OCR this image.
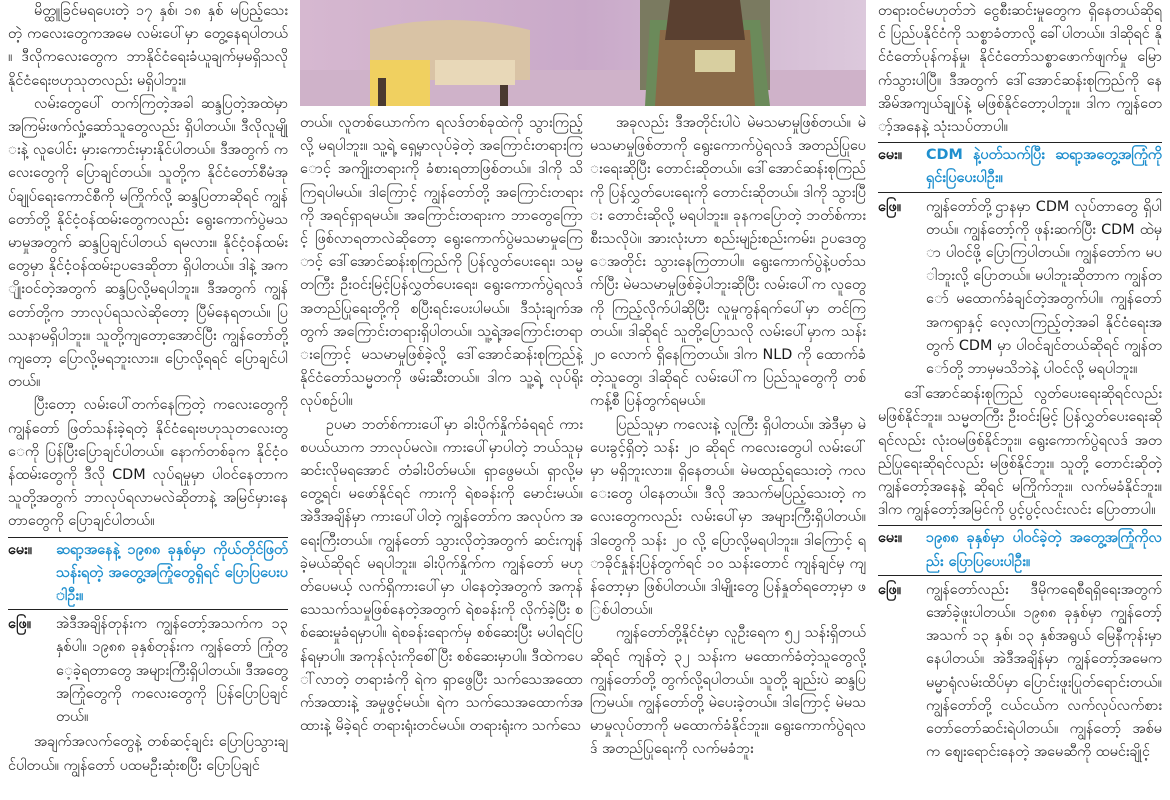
မိတ္ထူခြင်မရပေးတဲ့ ၁၇ နှစ်၊ ၁၈ နှစ် မပြည့်သေးတဲ့ ကလေးတွေကအမေ လမ်းပေါ်မှာ တွေ့နေရပါတယ်။ ဒီလိုကလေးတွေက ဘာနိုင်ငံရေးခံယူချက်မှမရှိသလို နိုင်ငံရေးဗဟုသုတလည်း မရှိပါဘူး။

လမ်းတွေပေါ် တက်ကြတဲ့အခါ ဆန္ဒပြတဲ့အထဲမှာ အကြမ်းဖက်လှုံ့ဆော်သူတွေလည်း ရှိပါတယ်။ ဒီလိုလူမျိုးနဲ့ လူပေါင်း မှားကောင်းမှားနိုင်ပါတယ်။ ဒီအတွက် ကလေးတွေကို ပြောချင်တယ်။ သူတို့က နိုင်ငံတော်စီမံအုပ်ချုပ်ရေးကောင်စီကို မကြိုက်လို့ ဆန္ဒပြတာဆိုရင် ကျွန်တော်တို့ နိုင်ငံ့ဝန်ထမ်းတွေကလည်း ရွေးကောက်ပွဲမသမာမှုအတွက် ဆန္ဒပြချင်ပါတယ် ရမလား။ နိုင်ငံ့ဝန်ထမ်းတွေမှာ နိုင်ငံ့ဝန်ထမ်းဥပဒေဆိုတာ ရှိပါတယ်။ ဒါနဲ့ အကျိုးဝင်တဲ့အတွက် ဆန္ဒပြလို့မရပါဘူး။ ဒီအတွက် ကျွန်တော်တို့က ဘာလုပ်ရသလဲဆိုတော့ ပြီမ်နေရတယ်။ ပြဿနာမရှိပါဘူး။ သူတို့ကျတော့အောင်ပြီး ကျွန်တော်တို့ကျတော့ ပြောလို့မရဘူးလား။ ပြောလို့ရရင် ပြောချင်ပါတယ်။

ပြီးတော့ လမ်းပေါ်တက်နေကြတဲ့ ကလေးတွေကို ကျွန်တော် ဖြတ်သန်းခဲ့ရတဲ့ နိုင်ငံရေးဗဟုသုတလေးတွေကို ပြန်ပြီးပြောချင်ပါတယ်။ နောက်တစ်ခုက နိုင်ငံ့ဝန်ထမ်းတွေကို ဒီလို CDM လုပ်ရမှုမှာ ပါဝင်နေတာက သူတို့အတွက် ဘာလုပ်ရလာမလဲဆိုတာနဲ့ အမြင်မှားနေတာတွေကို ပြောချင်ပါတယ်။

မေး။	ဆရာ့အနေနဲ့ ၁၉၈၈ ခုနှစ်မှာ ကိုယ်တိုင်ဖြတ်သန်းရတဲ့ အတွေ့အကြုံတွေရှိရင် ပြောပြပေးပါဦး။
ဖြေ။	အဲဒီအချိန်တုန်းက ကျွန်တော့်အသက်က ၁၃ နှစ်ပါ။ ၁၉၈၈ ခုနှစ်တုန်းက ကျွန်တော် ကြုံတွေ့ခဲ့ရတာတွေ အများကြီးရှိပါတယ်။ ဒီအတွေ့အကြုံတွေကို ကလေးတွေကို ပြန်ပြောပြချင်တယ်။

အချက်အလက်တွေနဲ့ တစ်ဆင့်ချင်း ပြောပြသွားချင်ပါတယ်။ ကျွန်တော် ပထမဦးဆုံးစပြီး ပြောပြချင်

တယ်။ လူတစ်ယောက်က ရလဒ်တစ်ခုထဲကို သွားကြည့်လို့ မရပါဘူး။ သူ့ရဲ့ ရှေ့မှာလုပ်ခဲ့တဲ့ အကြောင်းတရားကြောင့် အကျိုးတရားကို ခံစားရတာဖြစ်တယ်။ ဒါကို သိကြရပါမယ်။ ဒါကြောင့် ကျွန်တော်တို့ အကြောင်းတရားကို အရင်ရှာရမယ်။ အကြောင်းတရားက ဘာတွေကြောင့် ဖြစ်လာရတာလဲဆိုတော့ ရွေးကောက်ပွဲမသမာမှုကြောင့် ဒေါ်အောင်ဆန်းစုကြည်ကို ပြန်လွတ်ပေးရေး၊ သမ္မတကြီး ဦးဝင်းမြင့်ပြန်လွှတ်ပေးရေး၊ ရွေးကောက်ပွဲရလဒ်အတည်ပြုရေးတို့ကို စပြီးရင်းပေးပါမယ်။ ဒီသုံးချက်အတွက် အကြောင်းတရားရှိပါတယ်။ သူ့ရဲ့အကြောင်းတရားကြောင့် မသမာမှုဖြစ်ခဲ့လို့ ဒေါ်အောင်ဆန်းစုကြည်နဲ့ နိုင်ငံတော်သမ္မတကို ဖမ်းဆီးတယ်။ ဒါက သူ့ရဲ့ လုပ်ရိုးလုပ်စဉ်ပါ။

ဥပမာ ဘတ်စ်ကားပေါ်မှာ ခါးပိုက်နှိုက်ခံရရင် ကားစပယ်ယာက ဘာလုပ်မလဲ။ ကားပေါ်မှာပါတဲ့ ဘယ်သူမှ ဆင်းလိုမရအောင် တံခါးပိတ်မယ်။ ရှာဖွေမယ်၊ ရှာလို့မတွေ့ရင်၊ မဖော်နိုင်ရင် ကားကို ရဲစခန်းကို မောင်းမယ်။ အဲဒီအချိန်မှာ ကားပေါ်ပါတဲ့ ကျွန်တော်က အလုပ်က အရေးကြီးတယ်။ ကျွန်တော် သွားလိုတဲ့အတွက် ဆင်းကျန်ခဲ့မယ်ဆိုရင် မရပါဘူး။ ခါးပိုက်နှိုက်က ကျွန်တော် မဟုတ်ပေမယ့် လက်ရှိကားပေါ်မှာ ပါနေတဲ့အတွက် အကုန်သေသက်သမှုဖြစ်နေတဲ့အတွက် ရဲစခန်းကို လိုက်ခဲ့ပြီး စစ်ဆေးမှုခံရမှာပါ။ ရဲစခန်းရောက်မှ စစ်ဆေးပြီး မပါရင်ပြန်ရမှာပါ။ အကုန်လုံးကိုစေါ်ပြီး စစ်ဆေးမှာပါ။ ဒီထဲကပေါ်လာတဲ့ တရားခံကို ရဲက ရှာဖွေပြီး သက်သေအထောက်အထားနဲ့ အမှုဖွင့်မယ်။ ရဲက သက်သေအထောက်အထားနဲ့ မိခဲ့ရင် တရားရုံးတင်မယ်။ တရားရုံးက သက်သေ

အခုလည်း ဒီအတိုင်းပါပဲ မဲမသမာမှုဖြစ်တယ်။ မဲမသမာမှုဖြစ်တာကို ရွေးကောက်ပွဲရလဒ် အတည်ပြုပေးရေးဆိုပြီး တောင်းဆိုတယ်။ ဒေါ်အောင်ဆန်းစုကြည်ကို ပြန်လွှတ်ပေးရေးကို တောင်းဆိုတယ်။ ဒါကို သွားပြီး တောင်းဆိုလို့ မရပါဘူး။ ခုနကပြောတဲ့ ဘတ်စ်ကား စီးသလိုပဲ။ အားလုံးဟာ စည်းမျဉ်းစည်းကမ်း၊ ဥပဒေတွေအတိုင်း သွားနေကြတာပါ။ ရွေးကောက်ပွဲနဲ့ပတ်သက်ပြီး မဲမသမာမှုဖြစ်ခဲ့ပါဘူးဆိုပြီး လမ်းပေါ်က လူတွေကို ကြည့်လိုက်ပါဆိုပြီး လူမှုကွန်ရက်ပေါ်မှာ တင်ကြတယ်။ ဒါဆိုရင် သူတို့ပြောသလို လမ်းပေါ်မှာက သန်း ၂၀ လောက် ရှိနေကြတယ်။ ဒါက NLD ကို ထောက်ခံတဲ့သူတွေ၊ ဒါဆိုရင် လမ်းပေါ်က ပြည်သူတွေကို တစ်ကန့်စီ ပြန်တွက်ရမယ်။

ပြည်သူမှာ ကလေးနဲ့ လူကြီး ရှိပါတယ်။ အဲဒီမှာ မဲပေးခွင့်ရှိတဲ့ သန်း ၂၀ ဆိုရင် ကလေးတွေပါ လမ်းပေါ်မှာ မရှိဘူးလား။ ရှိနေတယ်။ မဲမထည့်ရသေးတဲ့ ကလေးတွေ ပါနေတယ်။ ဒီလို အသက်မပြည့်သေးတဲ့ ကလေးတွေကလည်း လမ်းပေါ်မှာ အများကြီးရှိပါတယ်။ ဒါတွေကို သန်း ၂၀ လို့ ပြောလို့မရပါဘူး။ ဒါကြောင့် ရာခိုင်နှုန်းပြန်တွက်ရင် ၁၀ သန်းတောင် ကျန်ချင်မှ ကျန်တော့မှာ ဖြစ်ပါတယ်။ ဒါမျိုးတွေ ပြန်နှုတ်ရတော့မှာ ဖြစ်ပါတယ်။

ကျွန်တော်တို့နိုင်ငံမှာ လူဦးရေက ၅၂ သန်းရှိတယ်ဆိုရင် ကျန်တဲ့ ၃၂ သန်းက မထောက်ခံတဲ့သူတွေလို့ ကျွန်တော်တို့ တွက်လို့ရပါတယ်။ သူတို့ ချည်းပဲ ဆန္ဒပြကြမယ်။ ကျွန်တော်တို့ မဲပေးခဲ့တယ်။ ဒါကြောင့် မဲမသမာမှုလုပ်တာကို မထောက်ခံနိုင်ဘူး။ ရွေးကောက်ပွဲရလဒ် အတည်ပြုရေးကို လက်မခံဘူး

တရားဝင်မဟုတ်ဘဲ ငွေစီးဆင်းမှုတွေက ရှိနေတယ်ဆိုရင် ပြည်ပနိုင်ငံကို သစ္စာခံတာလို့ ခေါ်ပါတယ်။ ဒါဆိုရင် နိုင်ငံတော်ပုန်ကန်မှု၊ နိုင်ငံတော်သစ္စာဖောက်ဖျက်မှု မြောက်သွားပါပြီ။ ဒီအတွက် ဒေါ်အောင်ဆန်းစုကြည်ကို နေအိမ်အကျယ်ချုပ်နဲ့ မဖြစ်နိုင်တော့ပါဘူး။ ဒါက ကျွန်တော့်အနေနဲ့ သုံးသပ်တာပါ။

မေး။	CDM နဲ့ပတ်သက်ပြီး ဆရာ့အတွေ့အကြုံကို ရှင်းပြပေးပါဦး။
ဖြေ။	ကျွန်တော်တို့ဌာနမှာ CDM လုပ်တာတွေ ရှိပါတယ်။ ကျွန်တော့်ကို ဖုန်းဆက်ပြီး CDM ထဲမှာ ပါဝင်ဖို့ ပြောကြပါတယ်။ ကျွန်တော်က မပါဘူးလို့ ပြောတယ်။ မပါဘူးဆိုတာက ကျွန်တော် မထောက်ခံချင်တဲ့အတွက်ပါ။ ကျွန်တော် အကၡာနှင့် လေ့လာကြည့်တဲ့အခါ နိုင်ငံရေးအတွက် CDM မှာ ပါဝင်ချင်တယ်ဆိုရင် ကျွန်တော်တို့ ဘာမှမသိဘဲနဲ့ ပါဝင်လို့ မရပါဘူး။

ဒေါ်အောင်ဆန်းစုကြည် လွတ်ပေးရေးဆိုရင်လည်း မဖြစ်နိုင်ဘူး။ သမ္မတကြီး ဦးဝင်းမြင့် ပြန်လွှတ်ပေးရေးဆိုရင်လည်း လုံးဝမဖြစ်နိုင်ဘူး။ ရွေးကောက်ပွဲရလဒ် အတည်ပြုရေးဆိုရင်လည်း မဖြစ်နိုင်ဘူး။ သူတို့ တောင်းဆိုတဲ့ ကျွန်တော့်အနေနဲ့ ဆိုရင် မကြိုက်ဘူး။ လက်မခံနိုင်ဘူး။ ဒါက ကျွန်တော့်အမြင်ကို ပွင့်ပွင့်လင်းလင်း ပြောတာပါ။

မေး။	၁၉၈၈ ခုနှစ်မှာ ပါဝင်ခဲ့တဲ့ အတွေ့အကြုံကိုလည်း ပြောပြပေးပါဦး။
ဖြေ။	ကျွန်တော်လည်း ဒီမိုကရေစီရရှိရေးအတွက် အော်ခဲ့ဖူးပါတယ်။ ၁၉၈၈ ခုနှစ်မှာ ကျွန်တော့်အသက် ၁၃ နှစ်၊ ၁၃ နှစ်အရွယ် မြေနီကုန်းမှာ နေပါတယ်။ အဲဒီအချိန်မှာ ကျွန်တော့်အမေက မမ္မာရုံလမ်းထိပ်မှာ ပြောင်းဖူးပြုတ်ရောင်းတယ်။ ကျွန်တော်တို့ ငယ်ငယ်က လက်လုပ်လက်စား တော်တော်ဆင်းရဲပါတယ်။ ကျွန်တော့် အစ်မက စျေးရောင်းနေတဲ့ အမေဆီကို ထမင်းချိုင့်
